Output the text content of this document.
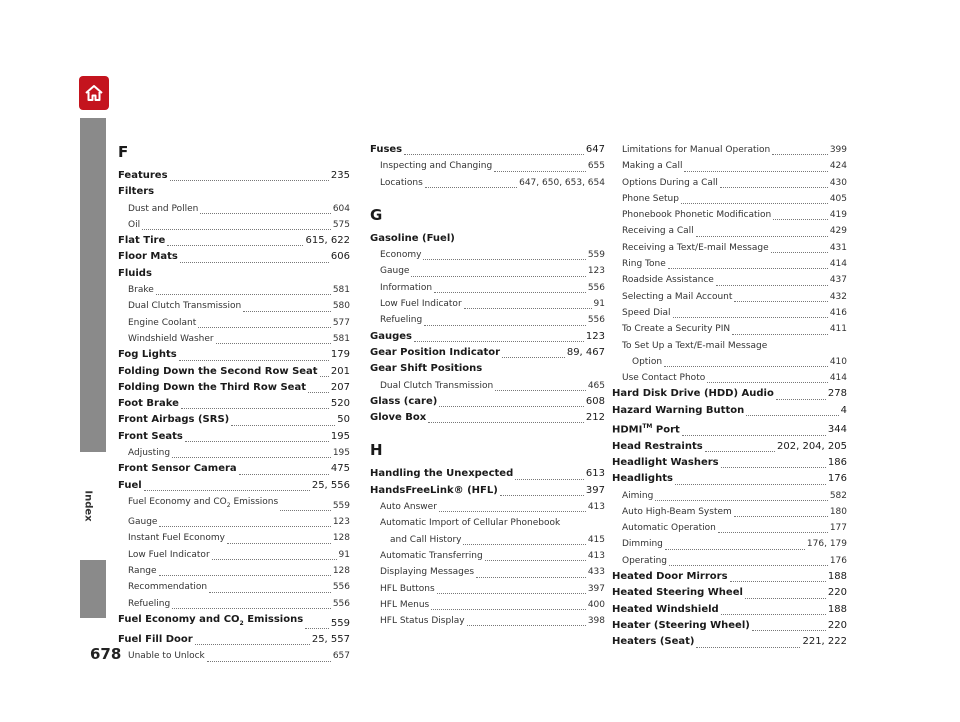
Index
678
F
Features	235
Filters
Dust and Pollen	604
Oil	575
Flat Tire	615, 622
Floor Mats	606
Fluids
Brake	581
Dual Clutch Transmission	580
Engine Coolant	577
Windshield Washer	581
Fog Lights	179
Folding Down the Second Row Seat 201
Folding Down the Third Row Seat 207
Foot Brake	520
Front Airbags (SRS)	50
Front Seats	195
Adjusting	195
Front Sensor Camera	475
Fuel	25, 556
Fuel Economy and $CO_2$ Emissions	559
Gauge	123
Instant Fuel Economy	128
Low Fuel Indicator	91
Range	128
Recommendation	556
Refueling	556
Fuel Economy and $CO_2$ Emissions	559
Fuel Fill Door	25, 557
Unable to Unlock	657
Fuses	647
Inspecting and Changing	655
Locations	647, 650, 653, 654
G
Gasoline (Fuel)
Economy	559
Gauge	123
Information	556
Low Fuel Indicator	91
Refueling	556
Gauges	123
Gear Position Indicator	89, 467
Gear Shift Positions
Dual Clutch Transmission	465
Glass (care)	608
Glove Box	212
H
Handling the Unexpected	613
HandsFreeLink® (HFL)	397
Auto Answer	413
Automatic Import of Cellular Phonebook
and Call History	415
Automatic Transferring	413
Displaying Messages	433
HFL Buttons	397
HFL Menus	400
HFL Status Display	398
Limitations for Manual Operation	399
Making a Call	424
Options During a Call	430
Phone Setup	405
Phonebook Phonetic Modification	419
Receiving a Call	429
Receiving a Text/E-mail Message	431
Ring Tone	414
Roadside Assistance	437
Selecting a Mail Account	432
Speed Dial	416
To Create a Security PIN	411
To Set Up a Text/E-mail Message
Option	410
Use Contact Photo	414
Hard Disk Drive (HDD) Audio	278
Hazard Warning Button	4
HDMI™ Port	344
Head Restraints	202, 204, 205
Headlight Washers	186
Headlights	176
Aiming	582
Auto High-Beam System	180
Automatic Operation	177
Dimming	176, 179
Operating	176
Heated Door Mirrors	188
Heated Steering Wheel	220
Heated Windshield	188
Heater (Steering Wheel)	220
Heaters (Seat)	221, 222
